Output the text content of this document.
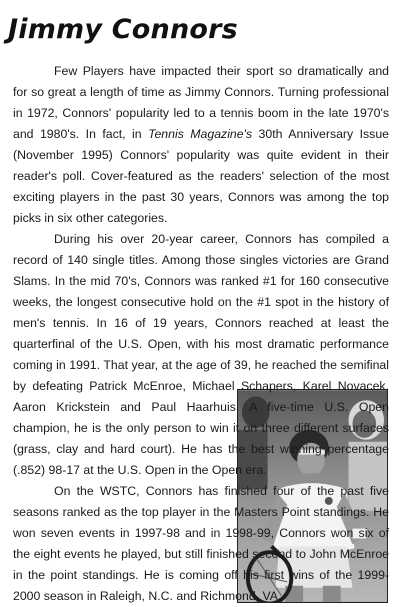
Jimmy Connors

Few Players have impacted their sport so dramatically and for so great a length of time as Jimmy Connors. Turning professional in 1972, Connors' popularity led to a tennis boom in the late 1970's and 1980's. In fact, in Tennis Magazine's 30th Anniversary Issue (November 1995) Connors' popularity was quite evident in their reader's poll. Cover-featured as the readers' selection of the most exciting players in the past 30 years, Connors was among the top picks in six other categories.

During his over 20-year career, Connors has compiled a record of 140 single titles. Among those singles victories are Grand Slams. In the mid 70's, Connors was ranked #1 for 160 consecutive weeks, the longest consecutive hold on the #1 spot in the history of men's tennis. In 16 of 19 years, Connors reached at least the quarterfinal of the U.S. Open, with his most dramatic performance coming in 1991. That year, at the age of 39, he reached the semifinal by defeating Patrick McEnroe, Michael Schapers, Karel Novacek, Aaron Krickstein and Paul Haarhuis. A five-time U.S. Open champion, he is the only person to win it on three different surfaces (grass, clay and hard court). He has the best winning percentage (.852) 98-17 at the U.S. Open in the Open era.

On the WSTC, Connors has finished four of the past five seasons ranked as the top player in the Masters Point standings. He won seven events in 1997-98 and in 1998-99, Connors won six of the eight events he played, but still finished second to John McEnroe in the point standings. He is coming off his first wins of the 1999-2000 season in Raleigh, N.C. and Richmond, VA.
